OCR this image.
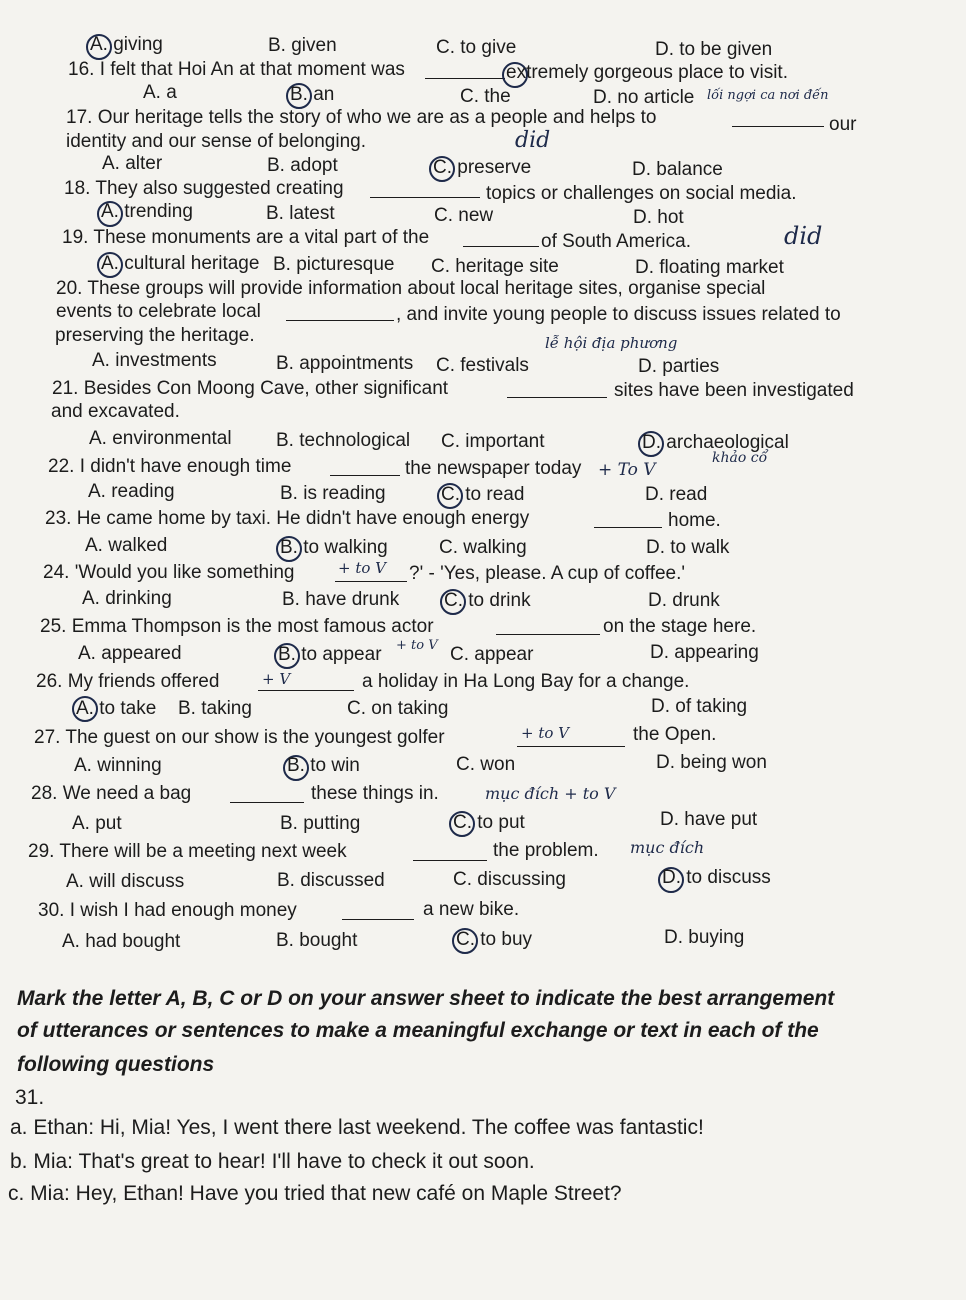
A. giving	B. given	C. to give	D. to be given
16. I felt that Hoi An at that moment was	extremely gorgeous place to visit.
A. a	B. an	C. the	D. no article lối ngợi ca nơi đến
17. Our heritage tells the story of who we are as a people and helps to	our
identity and our sense of belonging.	did
A. alter	B. adopt	C. preserve	D. balance
18. They also suggested creating	topics or challenges on social media.
A. trending	B. latest	C. new	D. hot
19. These monuments are a vital part of the	of South America.	did
A. cultural heritage B. picturesque C. heritage site	D. floating market
20. These groups will provide information about local heritage sites, organise special
events to celebrate local	, and invite young people to discuss issues related to
preserving the heritage.
A. investments	B. appointments C. festivals
lễ hội địa phương
D. parties
21. Besides Con Moong Cave, other significant	sites have been investigated
and excavated.
A. environmental B. technological C. important	D. archaeological
khảo cổ
22. I didn't have enough time	the newspaper today + To V
A. reading	B. is reading	C. to read	D. read
23. He came home by taxi. He didn't have enough energy	home.
A. walked	B. to walking	C. walking	D. to walk
24. 'Would you like something	+ to V ?' - 'Yes, please. A cup of coffee.'
A. drinking	B. have drunk C. to drink	D. drunk
25. Emma Thompson is the most famous actor	on the stage here.
A. appeared	B. to appear + to V C. appear	D. appearing
26. My friends offered	+ V	a holiday in Ha Long Bay for a change.
A. to take B. taking	C. on taking	D. of taking
27. The guest on our show is the youngest golfer	+ to V	the Open.
A. winning	B. to win	C. won	D. being won
28. We need a bag	these things in.	mục đích + to V
A. put	B. putting	C. to put	D. have put
29. There will be a meeting next week	the problem. mục đích
A. will discuss	B. discussed	C. discussing	D. to discuss
30. I wish I had enough money	a new bike.
A. had bought	B. bought	C. to buy	D. buying
Mark the letter A, B, C or D on your answer sheet to indicate the best arrangement
of utterances or sentences to make a meaningful exchange or text in each of the
following questions
31.
a. Ethan: Hi, Mia! Yes, I went there last weekend. The coffee was fantastic!
b. Mia: That's great to hear! I'll have to check it out soon.
c. Mia: Hey, Ethan! Have you tried that new café on Maple Street?
